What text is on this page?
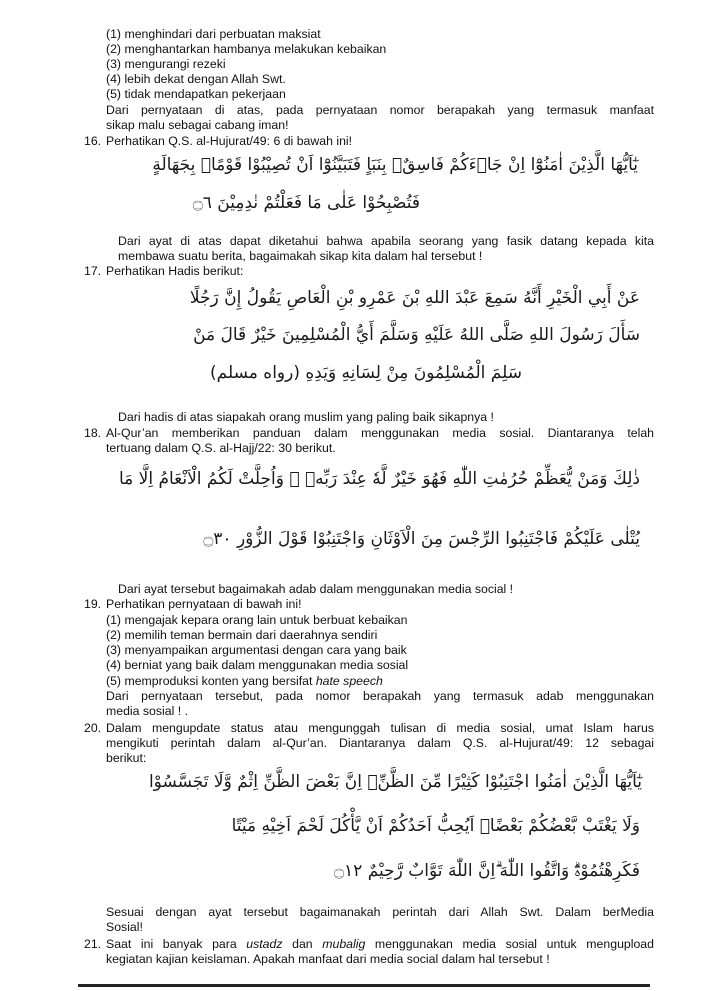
(1) menghindari dari perbuatan maksiat
(2) menghantarkan hambanya melakukan kebaikan
(3) mengurangi rezeki
(4) lebih dekat dengan Allah Swt.
(5) tidak mendapatkan pekerjaan
Dari pernyataan di atas, pada pernyataan nomor berapakah yang termasuk manfaat
sikap malu sebagai cabang iman!
16. Perhatikan Q.S. al-Hujurat/49: 6 di bawah ini!
يٰٓاَيُّهَا الَّذِيْنَ اٰمَنُوْٓا اِنْ جَاۤءَكُمْ فَاسِقٌۢ بِنَبَاٍ فَتَبَيَّنُوْٓا اَنْ تُصِيْبُوْا قَوْمًاۢ بِجَهَالَةٍ
فَتُصْبِحُوْا عَلٰى مَا فَعَلْتُمْ نٰدِمِيْنَ ۝٦
Dari ayat di atas dapat diketahui bahwa apabila seorang yang fasik datang kepada kita
membawa suatu berita, bagaimakah sikap kita dalam hal tersebut !
17. Perhatikan Hadis berikut:
عَنْ أَبِي الْخَيْرِ أَنَّهُ سَمِعَ عَبْدَ اللهِ بْنَ عَمْرِو بْنِ الْعَاصِ يَقُولُ إِنَّ رَجُلًا
سَأَلَ رَسُولَ اللهِ صَلَّى اللهُ عَلَيْهِ وَسَلَّمَ أَيُّ الْمُسْلِمِينَ خَيْرٌ قَالَ مَنْ
سَلِمَ الْمُسْلِمُونَ مِنْ لِسَانِهِ وَيَدِهِ (رواه مسلم)
Dari hadis di atas siapakah orang muslim yang paling baik sikapnya !
18. Al-Qur’an memberikan panduan dalam menggunakan media sosial. Diantaranya telah
tertuang dalam Q.S. al-Hajj/22: 30 berikut.
ذٰلِكَ وَمَنْ يُّعَظِّمْ حُرُمٰتِ اللّٰهِ فَهُوَ خَيْرٌ لَّهٗ عِنْدَ رَبِّهٖ ۗ وَاُحِلَّتْ لَكُمُ الْاَنْعَامُ اِلَّا مَا
يُتْلٰى عَلَيْكُمْ فَاجْتَنِبُوا الرِّجْسَ مِنَ الْاَوْثَانِ وَاجْتَنِبُوْا قَوْلَ الزُّوْرِ ۝٣٠
Dari ayat tersebut bagaimakah adab dalam menggunakan media social !
19. Perhatikan pernyataan di bawah ini!
(1) mengajak kepara orang lain untuk berbuat kebaikan
(2) memilih teman bermain dari daerahnya sendiri
(3) menyampaikan argumentasi dengan cara yang baik
(4) berniat yang baik dalam menggunakan media sosial
(5) memproduksi konten yang bersifat hate speech
Dari pernyataan tersebut, pada nomor berapakah yang termasuk adab menggunakan
media sosial ! .
20. Dalam mengupdate status atau mengunggah tulisan di media sosial, umat Islam harus
mengikuti perintah dalam al-Qur’an. Diantaranya dalam Q.S. al-Hujurat/49: 12 sebagai
berikut:
يٰٓاَيُّهَا الَّذِيْنَ اٰمَنُوا اجْتَنِبُوْا كَثِيْرًا مِّنَ الظَّنِّۖ اِنَّ بَعْضَ الظَّنِّ اِثْمٌ وَّلَا تَجَسَّسُوْا
وَلَا يَغْتَبْ بَّعْضُكُمْ بَعْضًاۗ اَيُحِبُّ اَحَدُكُمْ اَنْ يَّأْكُلَ لَحْمَ اَخِيْهِ مَيْتًا
فَكَرِهْتُمُوْهُۗ وَاتَّقُوا اللّٰهَ ۗاِنَّ اللّٰهَ تَوَّابٌ رَّحِيْمٌ ۝١٢
Sesuai dengan ayat tersebut bagaimanakah perintah dari Allah Swt. Dalam berMedia
Sosial!
21. Saat ini banyak para ustadz dan mubalig menggunakan media sosial untuk mengupload
kegiatan kajian keislaman. Apakah manfaat dari media social dalam hal tersebut !
